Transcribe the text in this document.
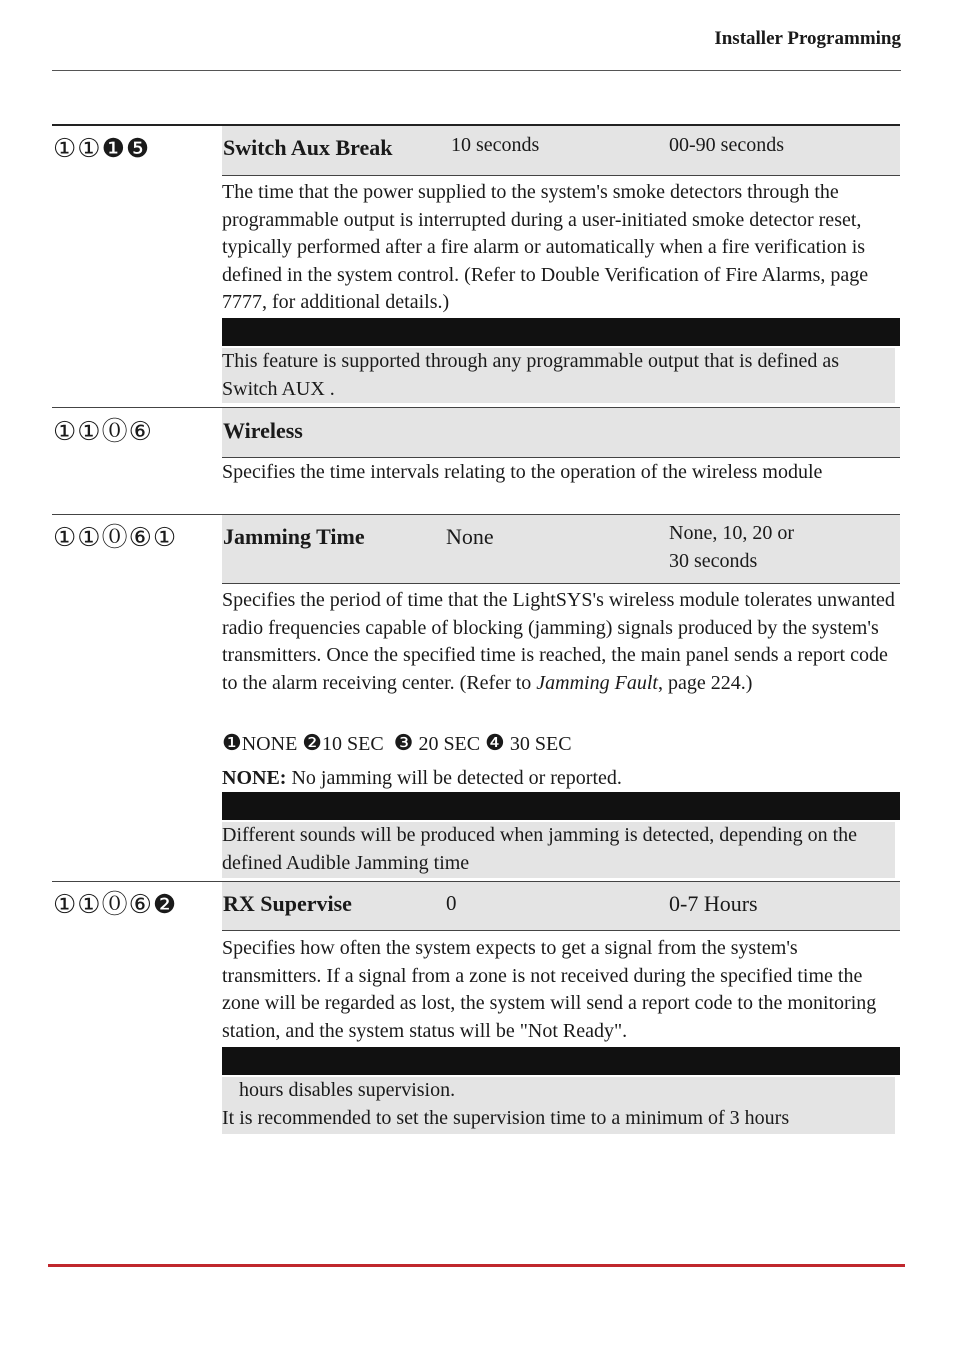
Installer Programming
①①❶❺	Switch Aux Break	10 seconds	00-90 seconds
The time that the power supplied to the system's smoke detectors through the programmable output is interrupted during a user-initiated smoke detector reset, typically performed after a fire alarm or automatically when a fire verification is defined in the system control. (Refer to Double Verification of Fire Alarms, page 7777, for additional details.)
This feature is supported through any programmable output that is defined as Switch AUX .
①①⓪⑥	Wireless
Specifies the time intervals relating to the operation of the wireless module
①①⓪⑥① Jamming Time	None	None, 10, 20 or
30 seconds
Specifies the period of time that the LightSYS's wireless module tolerates unwanted radio frequencies capable of blocking (jamming) signals produced by the system's transmitters. Once the specified time is reached, the main panel sends a report code to the alarm receiving center. (Refer to Jamming Fault, page 224.)
❶NONE ❷10 SEC ❸ 20 SEC ❹ 30 SEC
NONE: No jamming will be detected or reported.
Different sounds will be produced when jamming is detected, depending on the defined Audible Jamming time
①①⓪⑥❷ RX Supervise	0	0-7 Hours
Specifies how often the system expects to get a signal from the system's transmitters. If a signal from a zone is not received during the specified time the zone will be regarded as lost, the system will send a report code to the monitoring station, and the system status will be "Not Ready".
hours disables supervision.
It is recommended to set the supervision time to a minimum of 3 hours
